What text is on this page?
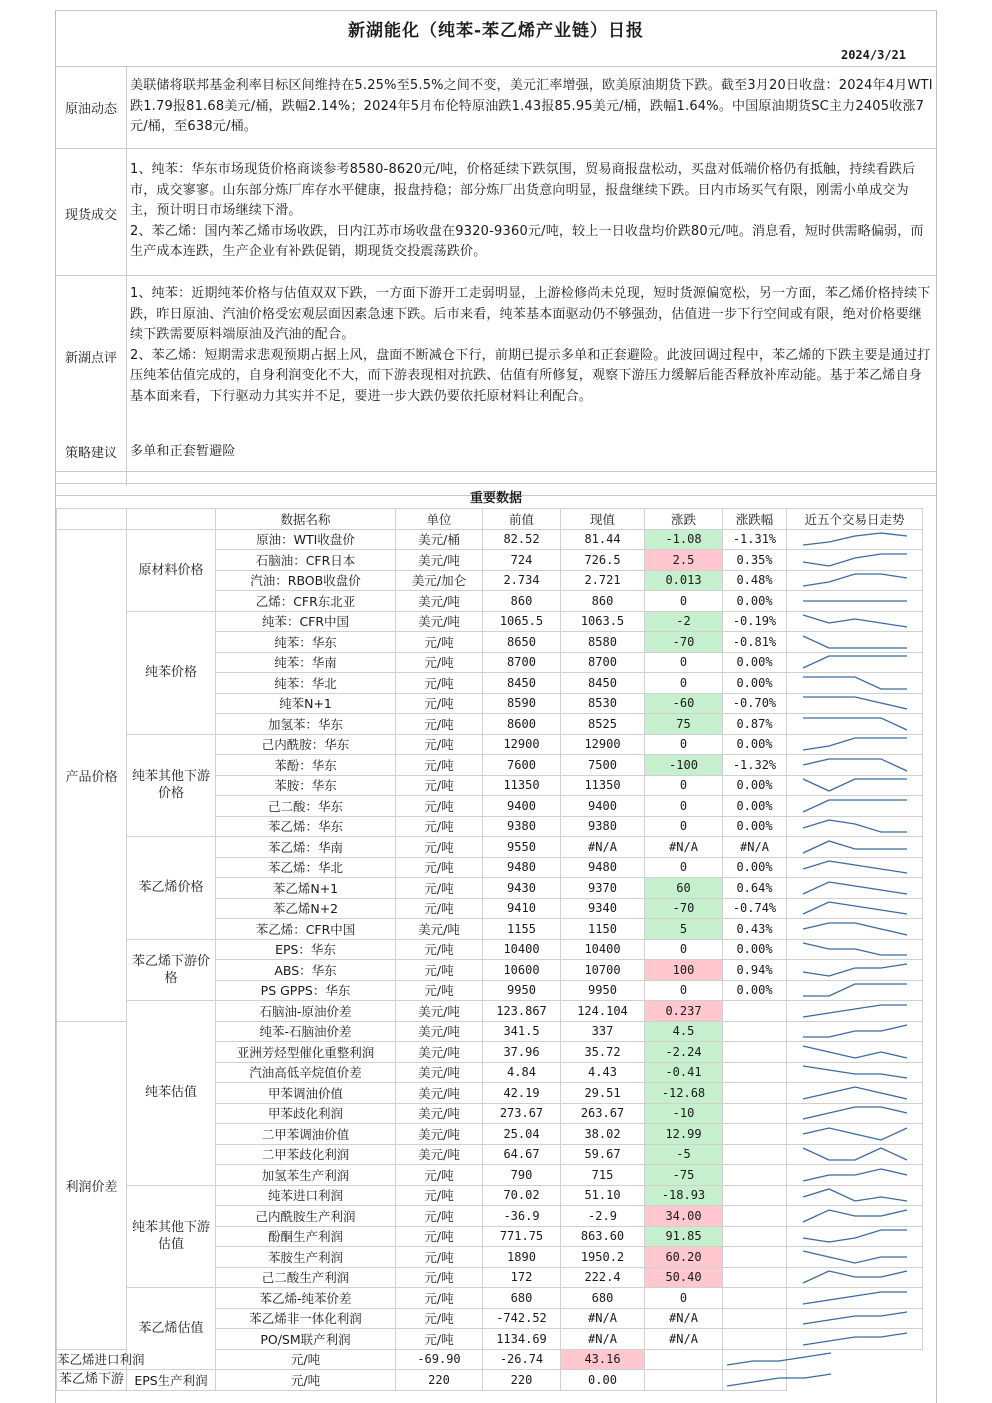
新湖能化（纯苯-苯乙烯产业链）日报
2024/3/21
原油动态

美联储将联邦基金利率目标区间维持在5.25%至5.5%之间不变，美元汇率增强，欧美原油期货下跌。截至3月20日收盘：2024年4月WTI跌1.79报81.68美元/桶，跌幅2.14%；2024年5月布伦特原油跌1.43报85.95美元/桶，跌幅1.64%。中国原油期货SC主力2405收涨7元/桶，至638元/桶。

现货成交

1、纯苯：华东市场现货价格商谈参考8580-8620元/吨，价格延续下跌氛围，贸易商报盘松动，买盘对低端价格仍有抵触，持续看跌后市，成交寥寥。山东部分炼厂库存水平健康，报盘持稳；部分炼厂出货意向明显，报盘继续下跌。日内市场买气有限，刚需小单成交为主，预计明日市场继续下滑。

2、苯乙烯：国内苯乙烯市场收跌，日内江苏市场收盘在9320-9360元/吨，较上一日收盘均价跌80元/吨。消息看，短时供需略偏弱，而生产成本连跌，生产企业有补跌促销，期现货交投震荡跌价。

新湖点评

1、纯苯：近期纯苯价格与估值双双下跌，一方面下游开工走弱明显，上游检修尚未兑现，短时货源偏宽松，另一方面，苯乙烯价格持续下跌，昨日原油、汽油价格受宏观层面因素急速下跌。后市来看，纯苯基本面驱动仍不够强劲，估值进一步下行空间或有限，绝对价格要继续下跌需要原料端原油及汽油的配合。

2、苯乙烯：短期需求悲观预期占据上风，盘面不断减仓下行，前期已提示多单和正套避险。此波回调过程中，苯乙烯的下跌主要是通过打压纯苯估值完成的，自身利润变化不大，而下游表现相对抗跌、估值有所修复，观察下游压力缓解后能否释放补库动能。基于苯乙烯自身基本面来看，下行驱动力其实并不足，要进一步大跌仍要依托原材料让利配合。

策略建议	多单和正套暂避险

重要数据
		数据名称	单位	前值	现值	涨跌	涨跌幅	近五个交易日走势
产品价格	原材料价格	原油：WTI收盘价	美元/桶	82.52	81.44	-1.08	-1.31%	

		石脑油：CFR日本	美元/吨	724	726.5	2.5	0.35%	

		汽油：RBOB收盘价	美元/加仑	2.734	2.721	0.013	0.48%	

		乙烯：CFR东北亚	美元/吨	860	860	0	0.00%	

	纯苯价格	纯苯：CFR中国	美元/吨	1065.5	1063.5	-2	-0.19%	

		纯苯：华东	元/吨	8650	8580	-70	-0.81%	

		纯苯：华南	元/吨	8700	8700	0	0.00%	

		纯苯：华北	元/吨	8450	8450	0	0.00%	

		纯苯N+1	元/吨	8590	8530	-60	-0.70%	

		加氢苯：华东	元/吨	8600	8525	75	0.87%	

	纯苯其他下游价格	己内酰胺：华东	元/吨	12900	12900	0	0.00%	

		苯酚：华东	元/吨	7600	7500	-100	-1.32%	

		苯胺：华东	元/吨	11350	11350	0	0.00%	

		己二酸：华东	元/吨	9400	9400	0	0.00%	

		苯乙烯：华东	元/吨	9380	9380	0	0.00%	

	苯乙烯价格	苯乙烯：华南	元/吨	9550	#N/A	#N/A	#N/A	

		苯乙烯：华北	元/吨	9480	9480	0	0.00%	

		苯乙烯N+1	元/吨	9430	9370	60	0.64%	

		苯乙烯N+2	元/吨	9410	9340	-70	-0.74%	

		苯乙烯：CFR中国	美元/吨	1155	1150	5	0.43%	

	苯乙烯下游价格	EPS：华东	元/吨	10400	10400	0	0.00%	

		ABS：华东	元/吨	10600	10700	100	0.94%	

		PS GPPS：华东	元/吨	9950	9950	0	0.00%	

	纯苯估值	石脑油-原油价差	美元/吨	123.867	124.104	0.237		

利润价差		纯苯-石脑油价差	美元/吨	341.5	337	4.5		

		亚洲芳烃型催化重整利润	美元/吨	37.96	35.72	-2.24		

		汽油高低辛烷值价差	美元/吨	4.84	4.43	-0.41		

		甲苯调油价值	美元/吨	42.19	29.51	-12.68		

		甲苯歧化利润	美元/吨	273.67	263.67	-10		

		二甲苯调油价值	美元/吨	25.04	38.02	12.99		

		二甲苯歧化利润	美元/吨	64.67	59.67	-5		

		加氢苯生产利润	元/吨	790	715	-75		

	纯苯其他下游估值	纯苯进口利润	元/吨	70.02	51.10	-18.93		

		己内酰胺生产利润	元/吨	-36.9	-2.9	34.00		

		酚酮生产利润	元/吨	771.75	863.60	91.85		

		苯胺生产利润	元/吨	1890	1950.2	60.20		

		己二酸生产利润	元/吨	172	222.4	50.40		

	苯乙烯估值	苯乙烯-纯苯价差	元/吨	680	680	0		

		苯乙烯非一体化利润	元/吨	-742.52	#N/A	#N/A		

		PO/SM联产利润	元/吨	1134.69	#N/A	#N/A		

苯乙烯进口利润		元/吨	-69.90	-26.74	43.16		

苯乙烯下游	EPS生产利润	元/吨	220	220	0.00		
